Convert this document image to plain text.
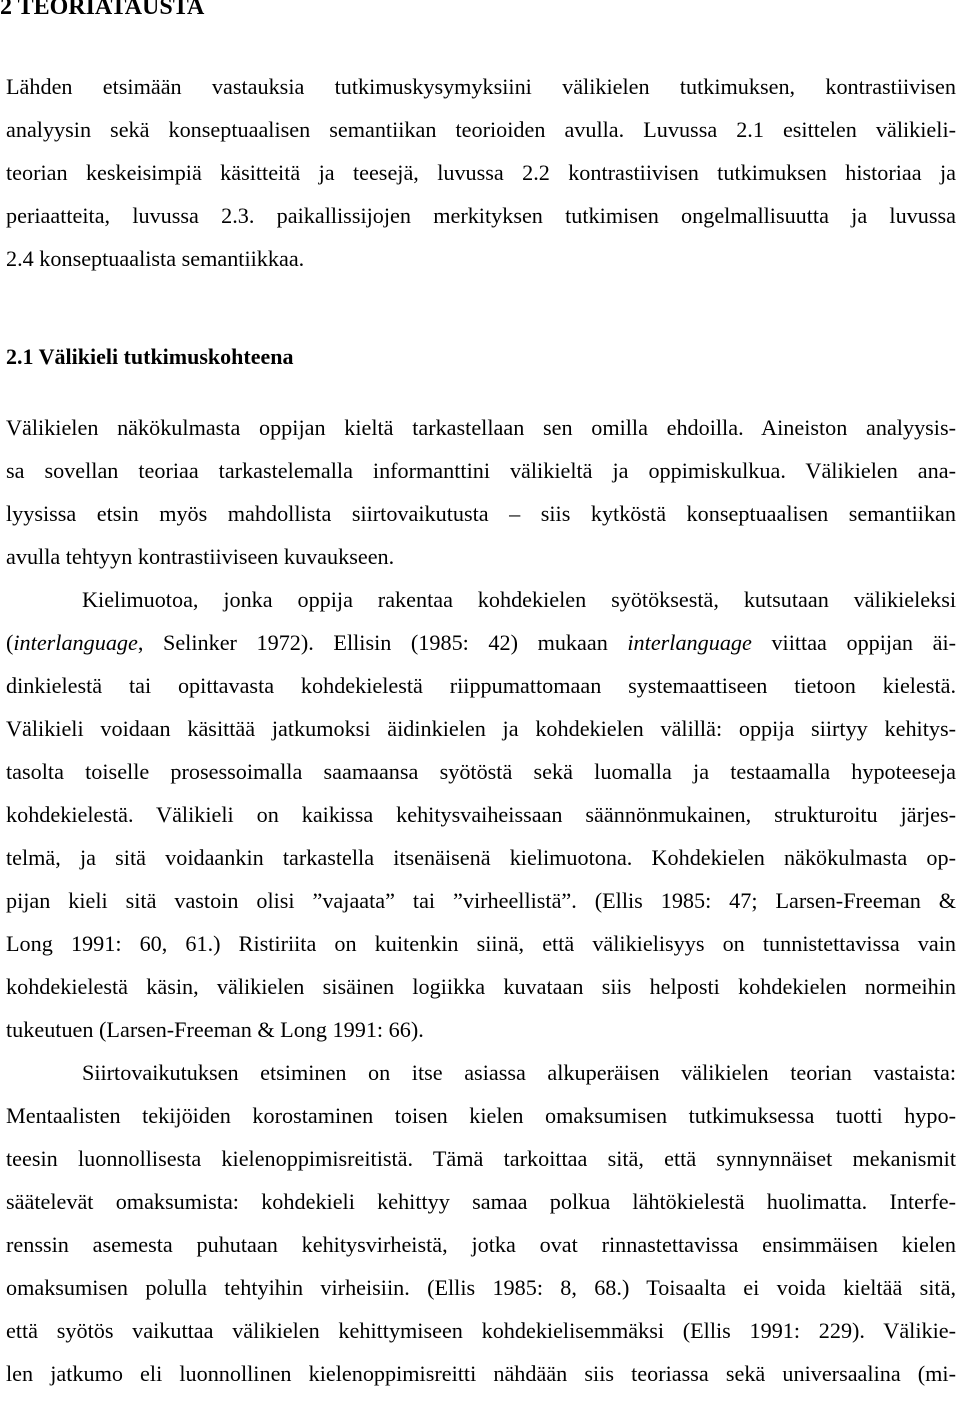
2 TEORIATAUSTA
2.1 Välikieli tutkimuskohteena

Lähden etsimään vastauksia tutkimuskysymyksiini välikielen tutkimuksen, kontrastiivisen

analyysin sekä konseptuaalisen semantiikan teorioiden avulla. Luvussa 2.1 esittelen välikieli-

teorian keskeisimpiä käsitteitä ja teesejä, luvussa 2.2 kontrastiivisen tutkimuksen historiaa ja

periaatteita, luvussa 2.3. paikallissijojen merkityksen tutkimisen ongelmallisuutta ja luvussa

2.4 konseptuaalista semantiikkaa.

Välikielen näkökulmasta oppijan kieltä tarkastellaan sen omilla ehdoilla. Aineiston analyysis-

sa sovellan teoriaa tarkastelemalla informanttini välikieltä ja oppimiskulkua. Välikielen ana-

lyysissa etsin myös mahdollista siirtovaikutusta – siis kytköstä konseptuaalisen semantiikan

avulla tehtyyn kontrastiiviseen kuvaukseen.

Kielimuotoa, jonka oppija rakentaa kohdekielen syötöksestä, kutsutaan välikieleksi

(interlanguage, Selinker 1972). Ellisin (1985: 42) mukaan interlanguage viittaa oppijan äi-

dinkielestä tai opittavasta kohdekielestä riippumattomaan systemaattiseen tietoon kielestä.

Välikieli voidaan käsittää jatkumoksi äidinkielen ja kohdekielen välillä: oppija siirtyy kehitys-

tasolta toiselle prosessoimalla saamaansa syötöstä sekä luomalla ja testaamalla hypoteeseja

kohdekielestä. Välikieli on kaikissa kehitysvaiheissaan säännönmukainen, strukturoitu järjes-

telmä, ja sitä voidaankin tarkastella itsenäisenä kielimuotona. Kohdekielen näkökulmasta op-

pijan kieli sitä vastoin olisi ”vajaata” tai ”virheellistä”. (Ellis 1985: 47; Larsen-Freeman &

Long 1991: 60, 61.) Ristiriita on kuitenkin siinä, että välikielisyys on tunnistettavissa vain

kohdekielestä käsin, välikielen sisäinen logiikka kuvataan siis helposti kohdekielen normeihin

tukeutuen (Larsen-Freeman & Long 1991: 66).

Siirtovaikutuksen etsiminen on itse asiassa alkuperäisen välikielen teorian vastaista:

Mentaalisten tekijöiden korostaminen toisen kielen omaksumisen tutkimuksessa tuotti hypo-

teesin luonnollisesta kielenoppimisreitistä. Tämä tarkoittaa sitä, että synnynnäiset mekanismit

säätelevät omaksumista: kohdekieli kehittyy samaa polkua lähtökielestä huolimatta. Interfe-

renssin asemesta puhutaan kehitysvirheistä, jotka ovat rinnastettavissa ensimmäisen kielen

omaksumisen polulla tehtyihin virheisiin. (Ellis 1985: 8, 68.) Toisaalta ei voida kieltää sitä,

että syötös vaikuttaa välikielen kehittymiseen kohdekielisemmäksi (Ellis 1991: 229). Välikie-

len jatkumo eli luonnollinen kielenoppimisreitti nähdään siis teoriassa sekä universaalina (mi-
